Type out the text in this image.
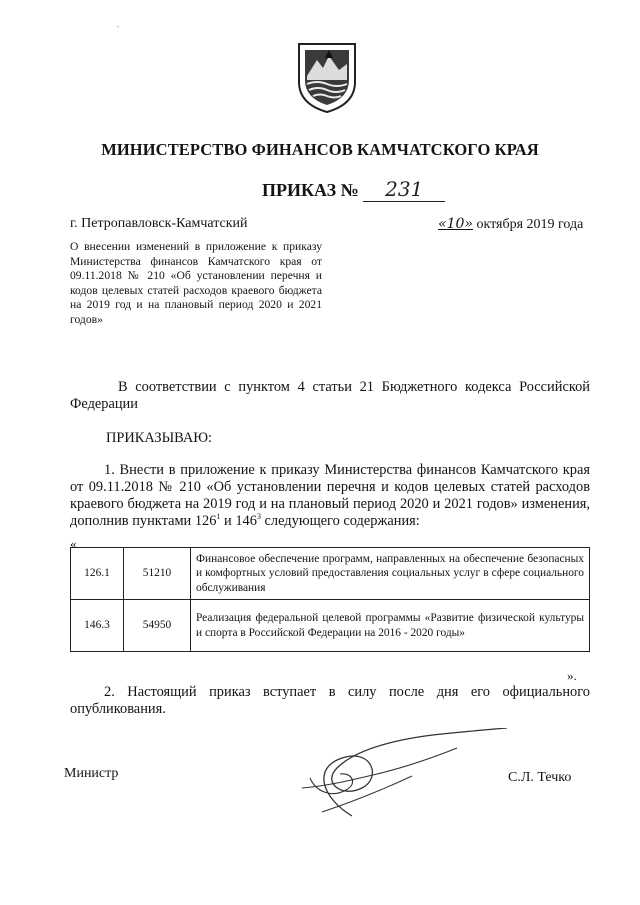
٠
МИНИСТЕРСТВО ФИНАНСОВ КАМЧАТСКОГО КРАЯ
ПРИКАЗ № 231
г. Петропавловск-Камчатский	«10» октября 2019 года
О внесении изменений в приложение к приказу Министерства финансов Камчатского края от 09.11.2018 № 210 «Об установлении перечня и кодов целевых статей расходов краевого бюджета на 2019 год и на плановый период 2020 и 2021 годов»
В соответствии с пунктом 4 статьи 21 Бюджетного кодекса Российской Федерации
ПРИКАЗЫВАЮ:
1. Внести в приложение к приказу Министерства финансов Камчатского края от 09.11.2018 № 210 «Об установлении перечня и кодов целевых статей расходов краевого бюджета на 2019 год и на плановый период 2020 и 2021 годов» изменения, дополнив пунктами $126^1$ и $146^3$ следующего содержания:
«
126.1	51210	Финансовое обеспечение программ, направленных на обеспечение безопасных и комфортных условий предоставления социальных услуг в сфере социального обслуживания
146.3	54950	Реализация федеральной целевой программы «Развитие физической культуры и спорта в Российской Федерации на 2016 - 2020 годы»
».
2. Настоящий приказ вступает в силу после дня его официального опубликования.
Министр	С.Л. Течко
